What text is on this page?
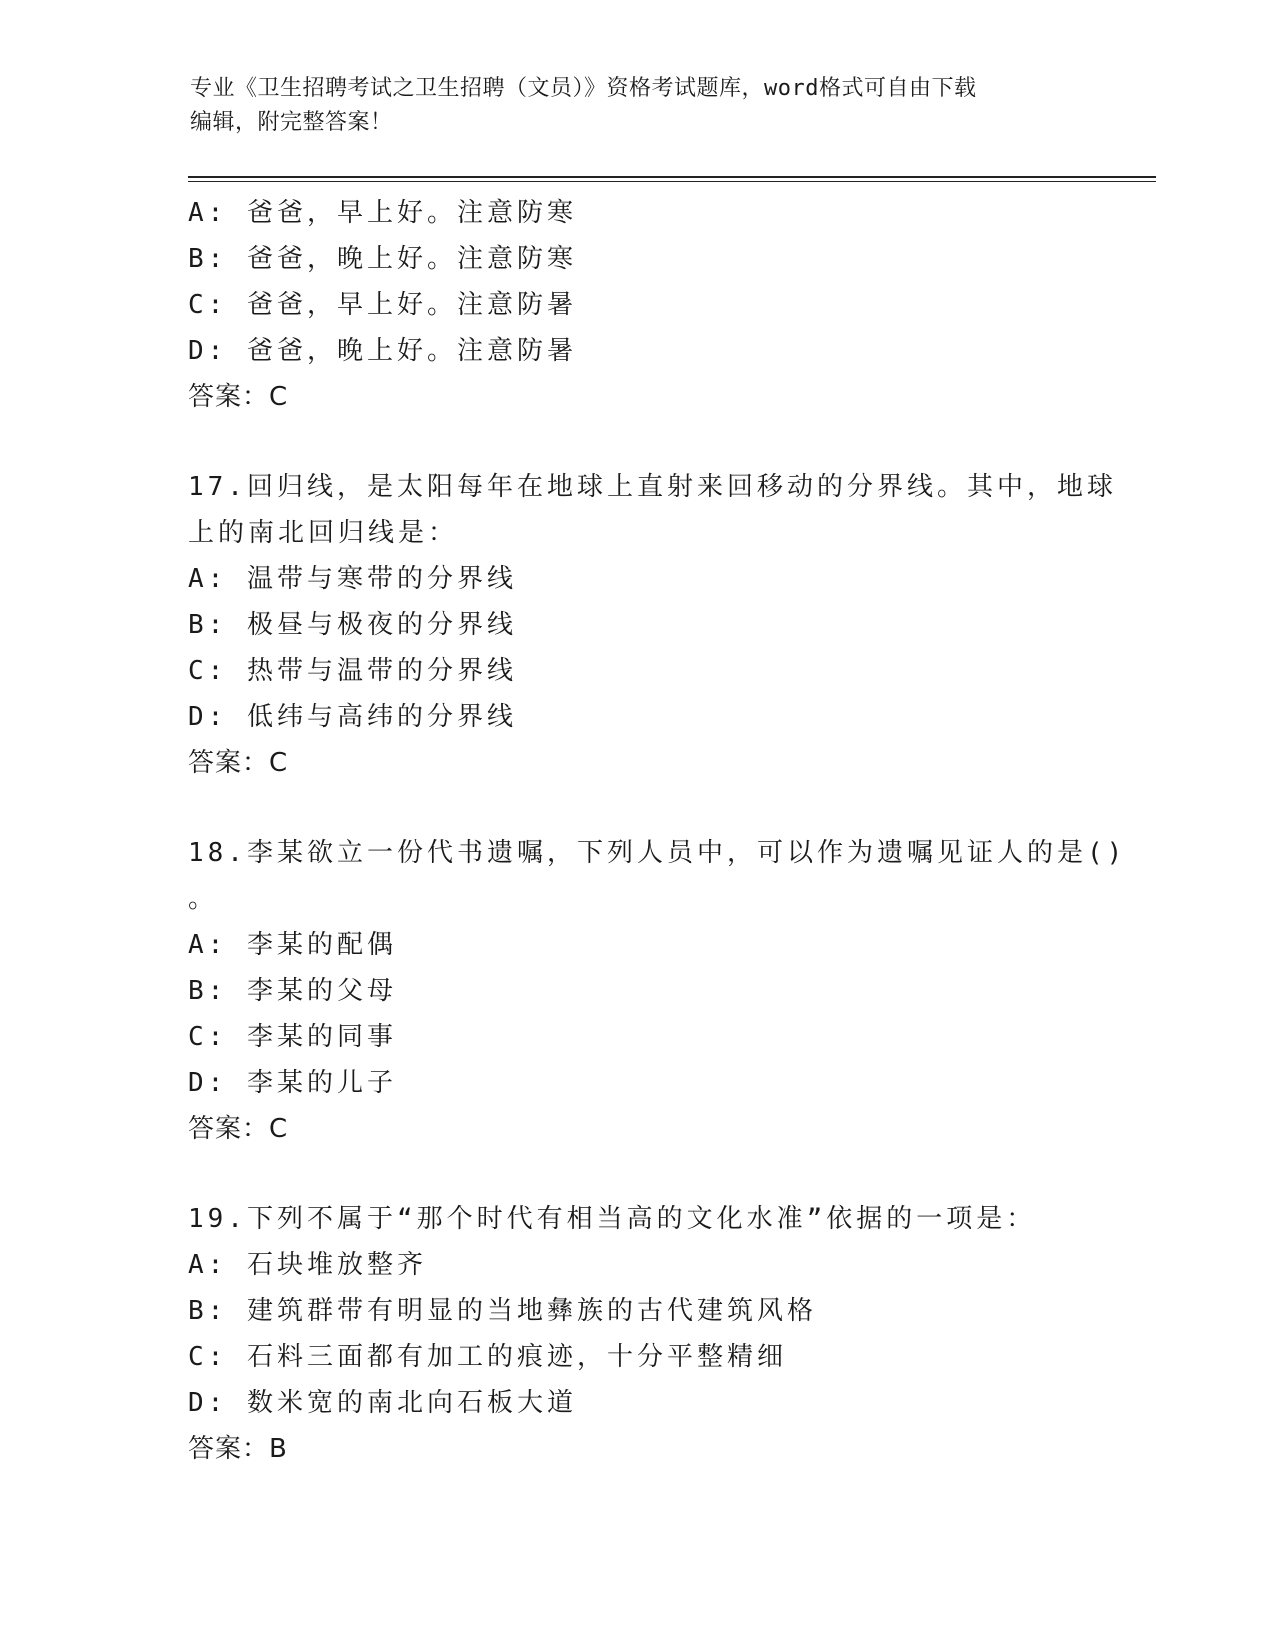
专业《卫生招聘考试之卫生招聘（文员）》资格考试题库，word格式可自由下载
编辑，附完整答案！
A: 爸爸，早上好。注意防寒
B: 爸爸，晚上好。注意防寒
C: 爸爸，早上好。注意防暑
D: 爸爸，晚上好。注意防暑
答案：C
17.回归线，是太阳每年在地球上直射来回移动的分界线。其中，地球
上的南北回归线是：
A: 温带与寒带的分界线
B: 极昼与极夜的分界线
C: 热带与温带的分界线
D: 低纬与高纬的分界线
答案：C
18.李某欲立一份代书遗嘱，下列人员中，可以作为遗嘱见证人的是()
。
A: 李某的配偶
B: 李某的父母
C: 李某的同事
D: 李某的儿子
答案：C
19.下列不属于“那个时代有相当高的文化水准”依据的一项是：
A: 石块堆放整齐
B: 建筑群带有明显的当地彝族的古代建筑风格
C: 石料三面都有加工的痕迹，十分平整精细
D: 数米宽的南北向石板大道
答案：B
